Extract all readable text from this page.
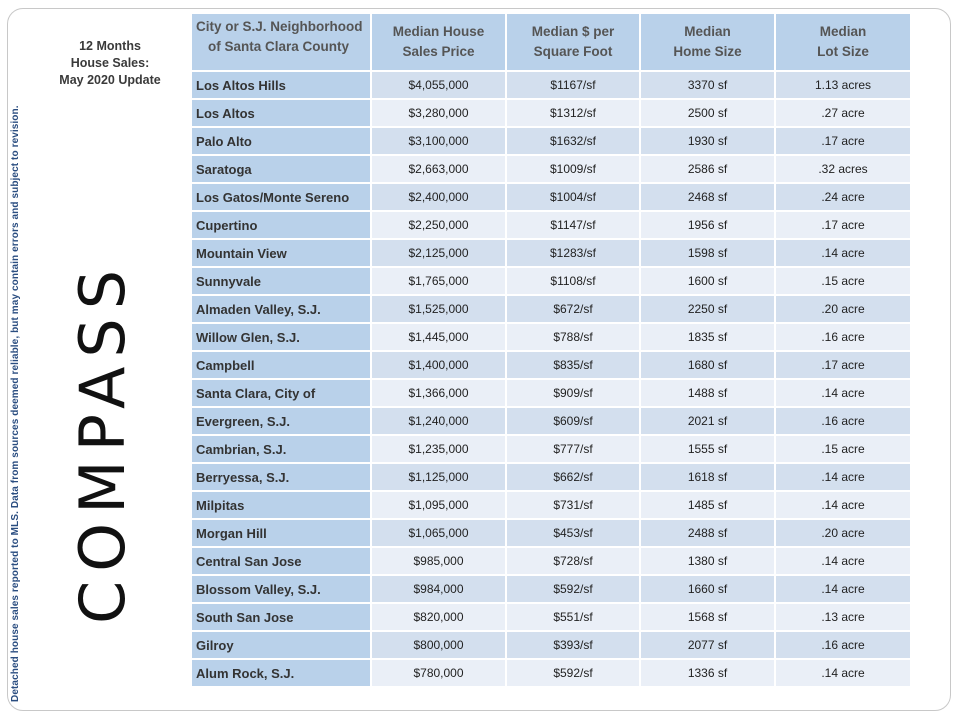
Detached house sales reported to MLS. Data from sources deemed reliable, but may contain errors and subject to revision.
12 Months
House Sales:
May 2020 Update
COMPASS
City or S.J. Neighborhood
of Santa Clara County	Median House
Sales Price	Median $ per
Square Foot	Median
Home Size	Median
Lot Size

Los Altos Hills	$4,055,000	$1167/sf	3370 sf	1.13 acres
Los Altos	$3,280,000	$1312/sf	2500 sf	.27 acre
Palo Alto	$3,100,000	$1632/sf	1930 sf	.17 acre
Saratoga	$2,663,000	$1009/sf	2586 sf	.32 acres
Los Gatos/Monte Sereno	$2,400,000	$1004/sf	2468 sf	.24 acre
Cupertino	$2,250,000	$1147/sf	1956 sf	.17 acre
Mountain View	$2,125,000	$1283/sf	1598 sf	.14 acre
Sunnyvale	$1,765,000	$1108/sf	1600 sf	.15 acre
Almaden Valley, S.J.	$1,525,000	$672/sf	2250 sf	.20 acre
Willow Glen, S.J.	$1,445,000	$788/sf	1835 sf	.16 acre
Campbell	$1,400,000	$835/sf	1680 sf	.17 acre
Santa Clara, City of	$1,366,000	$909/sf	1488 sf	.14 acre
Evergreen, S.J.	$1,240,000	$609/sf	2021 sf	.16 acre
Cambrian, S.J.	$1,235,000	$777/sf	1555 sf	.15 acre
Berryessa, S.J.	$1,125,000	$662/sf	1618 sf	.14 acre
Milpitas	$1,095,000	$731/sf	1485 sf	.14 acre
Morgan Hill	$1,065,000	$453/sf	2488 sf	.20 acre
Central San Jose	$985,000	$728/sf	1380 sf	.14 acre
Blossom Valley, S.J.	$984,000	$592/sf	1660 sf	.14 acre
South San Jose	$820,000	$551/sf	1568 sf	.13 acre
Gilroy	$800,000	$393/sf	2077 sf	.16 acre
Alum Rock, S.J.	$780,000	$592/sf	1336 sf	.14 acre
